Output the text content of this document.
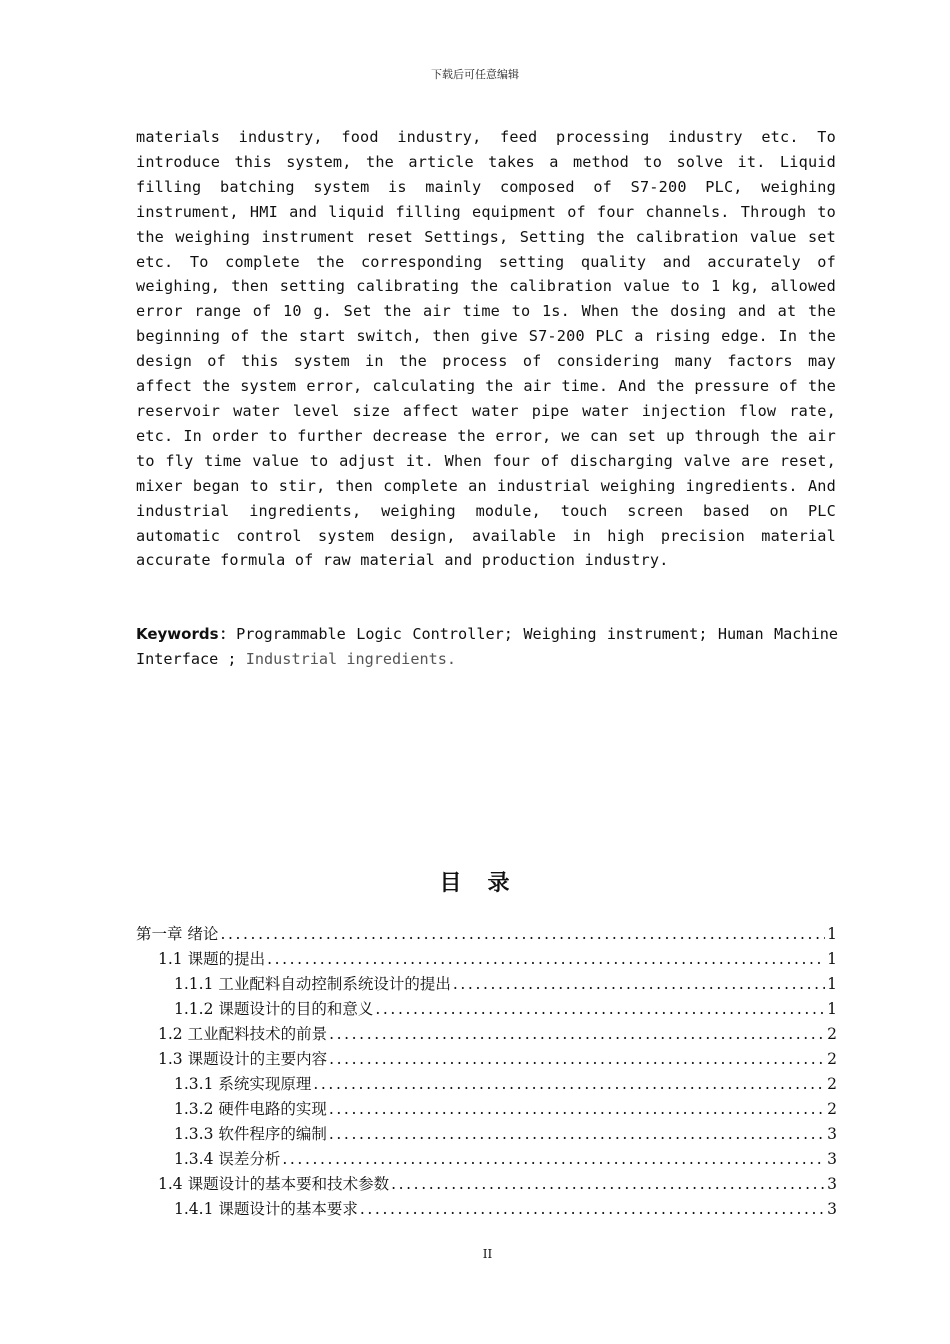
下载后可任意编辑

materials industry, food industry, feed processing industry etc. To introduce this system, the article takes a method to solve it. Liquid filling batching system is mainly composed of S7-200 PLC, weighing instrument, HMI and liquid filling equipment of four channels. Through to the weighing instrument reset Settings, Setting the calibration value set etc. To complete the corresponding setting quality and accurately of weighing, then setting calibrating the calibration value to 1 kg, allowed error range of 10 g. Set the air time to 1s. When the dosing and at the beginning of the start switch, then give S7-200 PLC a rising edge. In the design of this system in the process of considering many factors may affect the system error, calculating the air time. And the pressure of the reservoir water level size affect water pipe water injection flow rate, etc. In order to further decrease the error, we can set up through the air to fly time value to adjust it. When four of discharging valve are reset, mixer began to stir, then complete an industrial weighing ingredients. And industrial ingredients, weighing module, touch screen based on PLC automatic control system design, available in high precision material accurate formula of raw material and production industry.

Keywords：Programmable Logic Controller; Weighing instrument; Human Machine Interface ; Industrial ingredients.

目录
第一章 绪论 .....	1
1.1 课题的提出 .....	1
1.1.1 工业配料自动控制系统设计的提出 .....	1
1.1.2 课题设计的目的和意义 .....	1
1.2 工业配料技术的前景 .....	2
1.3 课题设计的主要内容 .....	2
1.3.1 系统实现原理 .....	2
1.3.2 硬件电路的实现 .....	2
1.3.3 软件程序的编制 .....	3
1.3.4 误差分析 .....	3
1.4 课题设计的基本要和技术参数 .....	3
1.4.1 课题设计的基本要求 .....	3
II
